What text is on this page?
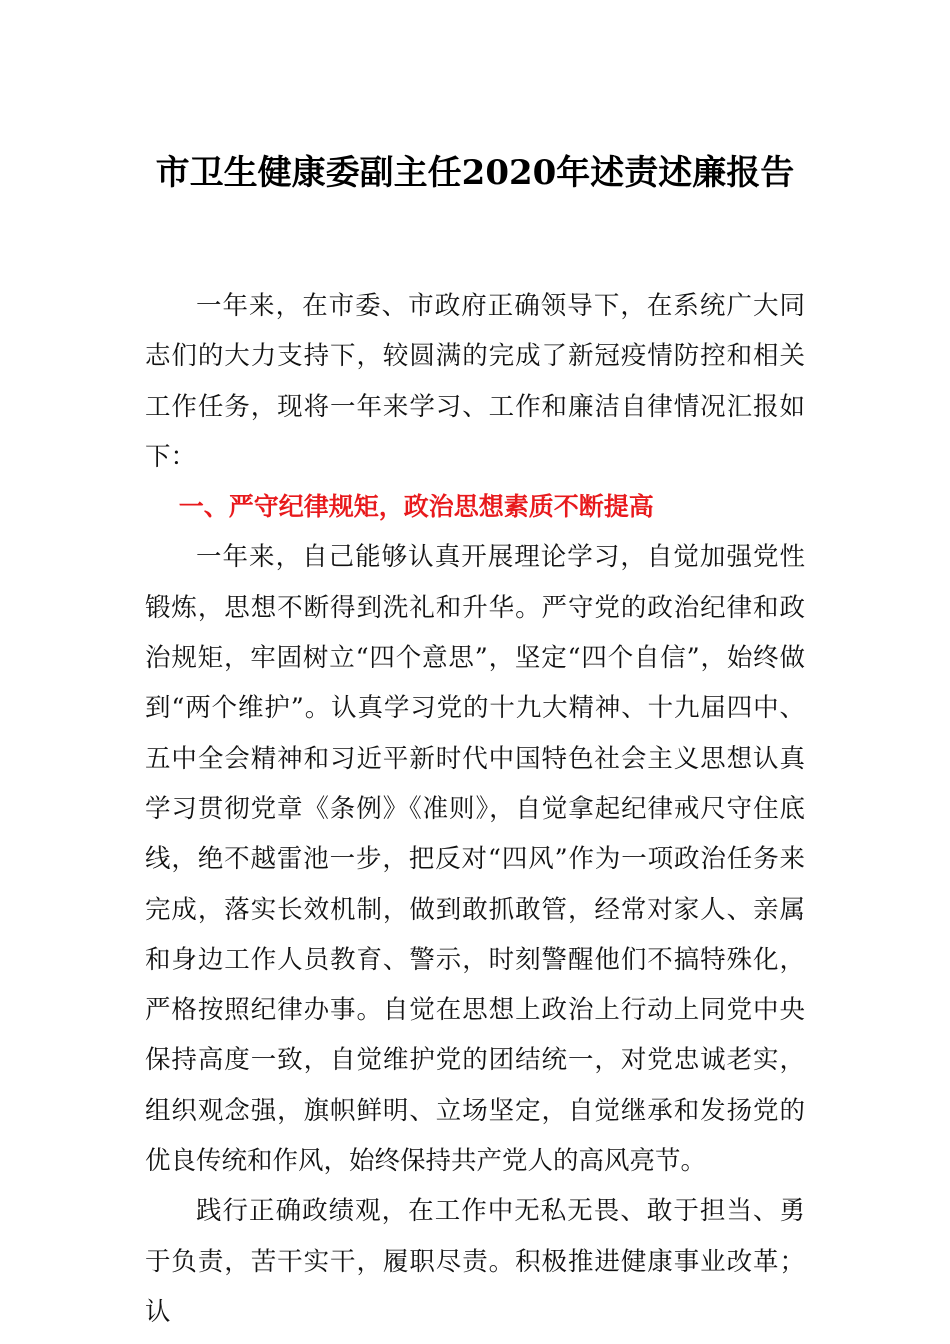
市卫生健康委副主任2020年述责述廉报告

一年来，在市委、市政府正确领导下，在系统广大同志们的大力支持下，较圆满的完成了新冠疫情防控和相关工作任务，现将一年来学习、工作和廉洁自律情况汇报如下：

一、严守纪律规矩，政治思想素质不断提高

一年来，自己能够认真开展理论学习，自觉加强党性锻炼，思想不断得到洗礼和升华。严守党的政治纪律和政治规矩，牢固树立“四个意思”，坚定“四个自信”，始终做到“两个维护”。认真学习党的十九大精神、十九届四中、五中全会精神和习近平新时代中国特色社会主义思想认真学习贯彻党章《条例》《准则》，自觉拿起纪律戒尺守住底线，绝不越雷池一步，把反对“四风”作为一项政治任务来完成，落实长效机制，做到敢抓敢管，经常对家人、亲属和身边工作人员教育、警示，时刻警醒他们不搞特殊化，严格按照纪律办事。自觉在思想上政治上行动上同党中央保持高度一致，自觉维护党的团结统一，对党忠诚老实，组织观念强，旗帜鲜明、立场坚定，自觉继承和发扬党的优良传统和作风，始终保持共产党人的高风亮节。

践行正确政绩观，在工作中无私无畏、敢于担当、勇于负责，苦干实干，履职尽责。积极推进健康事业改革；认
